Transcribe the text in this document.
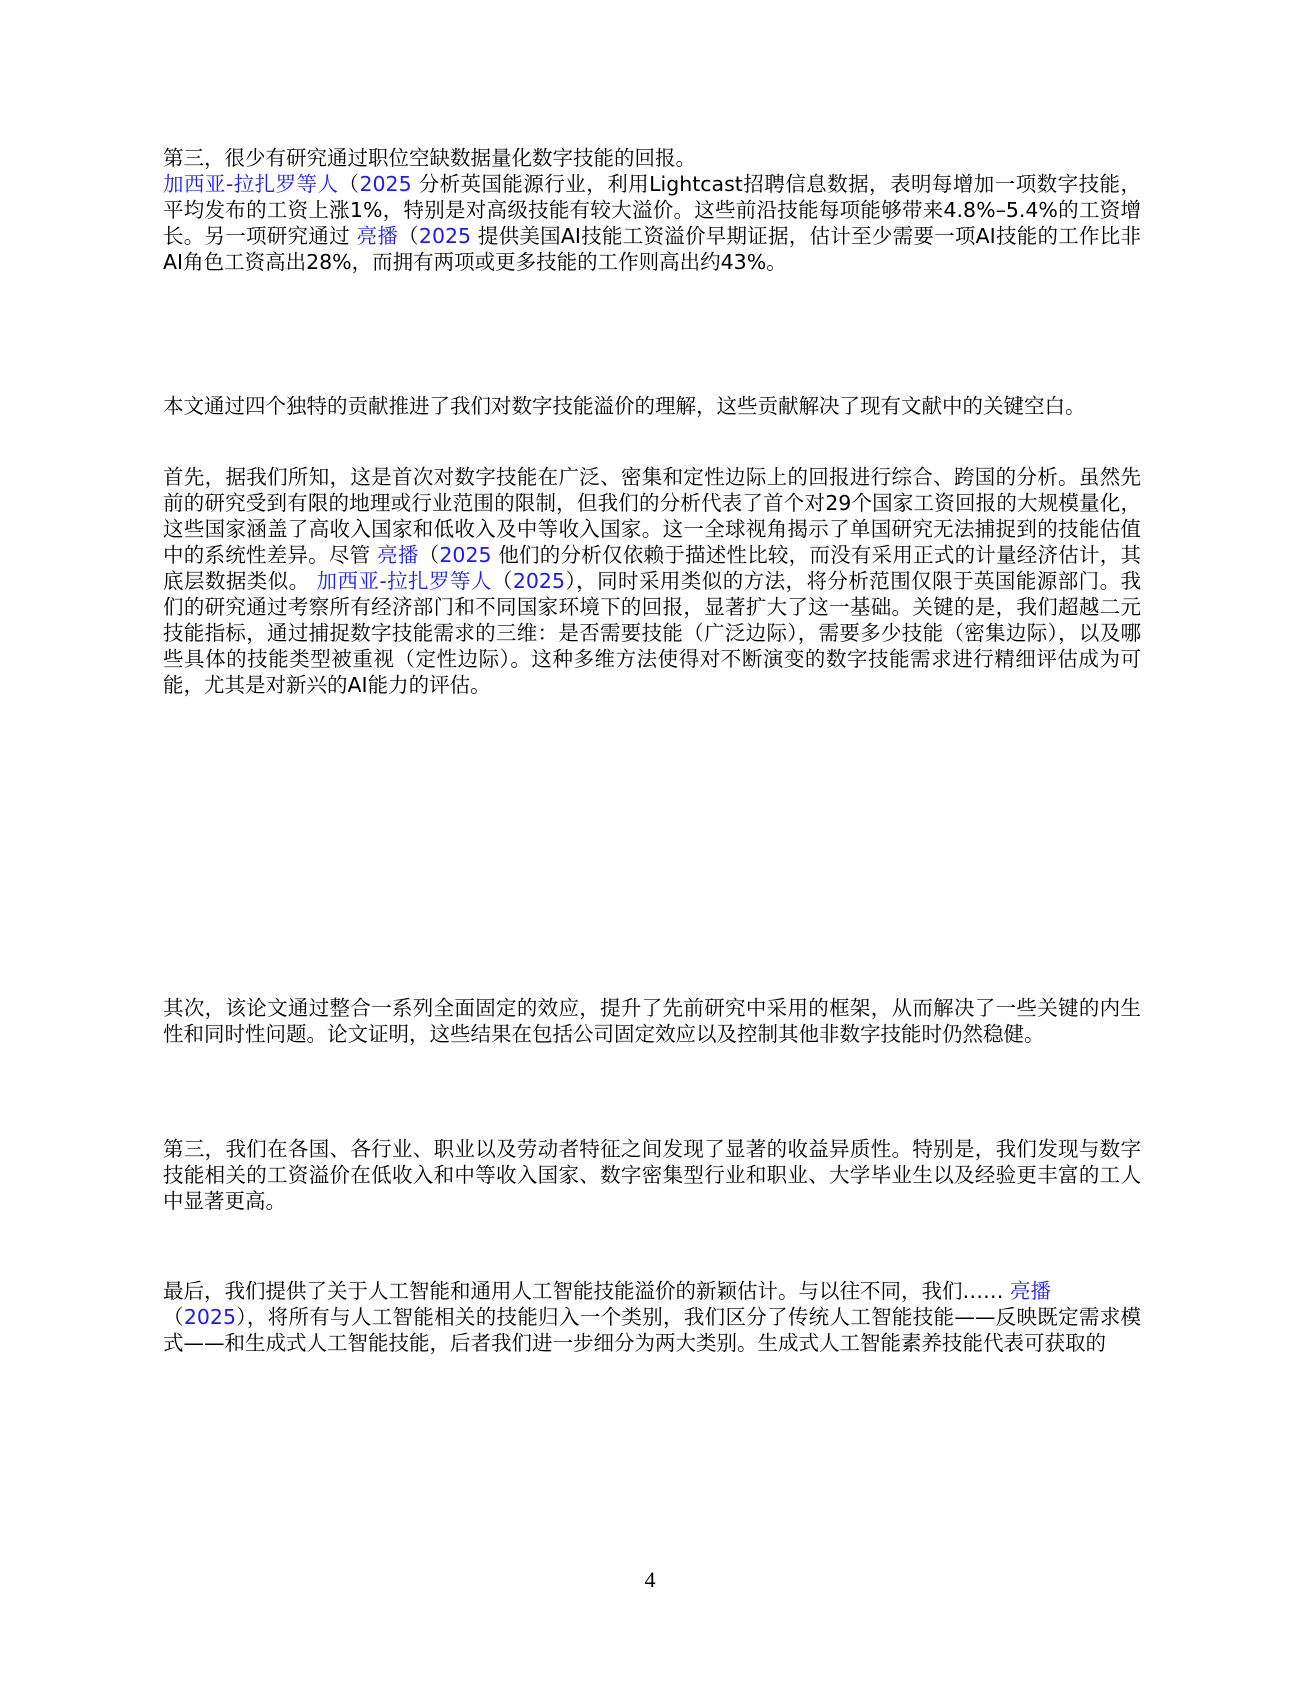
第三，很少有研究通过职位空缺数据量化数字技能的回报。
加西亚-拉扎罗等人（2025 分析英国能源行业，利用Lightcast招聘信息数据，表明每增加一项数字技能，平均发布的工资上涨1%，特别是对高级技能有较大溢价。这些前沿技能每项能够带来4.8%–5.4%的工资增长。另一项研究通过 亮播（2025 提供美国AI技能工资溢价早期证据，估计至少需要一项AI技能的工作比非AI角色工资高出28%，而拥有两项或更多技能的工作则高出约43%。

本文通过四个独特的贡献推进了我们对数字技能溢价的理解，这些贡献解决了现有文献中的关键空白。

首先，据我们所知，这是首次对数字技能在广泛、密集和定性边际上的回报进行综合、跨国的分析。虽然先前的研究受到有限的地理或行业范围的限制，但我们的分析代表了首个对29个国家工资回报的大规模量化，这些国家涵盖了高收入国家和低收入及中等收入国家。这一全球视角揭示了单国研究无法捕捉到的技能估值中的系统性差异。尽管 亮播（2025 他们的分析仅依赖于描述性比较，而没有采用正式的计量经济估计，其底层数据类似。 加西亚-拉扎罗等人（2025），同时采用类似的方法，将分析范围仅限于英国能源部门。我们的研究通过考察所有经济部门和不同国家环境下的回报，显著扩大了这一基础。关键的是，我们超越二元技能指标，通过捕捉数字技能需求的三维：是否需要技能（广泛边际），需要多少技能（密集边际），以及哪些具体的技能类型被重视（定性边际）。这种多维方法使得对不断演变的数字技能需求进行精细评估成为可能，尤其是对新兴的AI能力的评估。

其次，该论文通过整合一系列全面固定的效应，提升了先前研究中采用的框架，从而解决了一些关键的内生性和同时性问题。论文证明，这些结果在包括公司固定效应以及控制其他非数字技能时仍然稳健。

第三，我们在各国、各行业、职业以及劳动者特征之间发现了显著的收益异质性。特别是，我们发现与数字技能相关的工资溢价在低收入和中等收入国家、数字密集型行业和职业、大学毕业生以及经验更丰富的工人中显著更高。

最后，我们提供了关于人工智能和通用人工智能技能溢价的新颖估计。与以往不同，我们…… 亮播
（2025），将所有与人工智能相关的技能归入一个类别，我们区分了传统人工智能技能——反映既定需求模式——和生成式人工智能技能，后者我们进一步细分为两大类别。生成式人工智能素养技能代表可获取的

4
